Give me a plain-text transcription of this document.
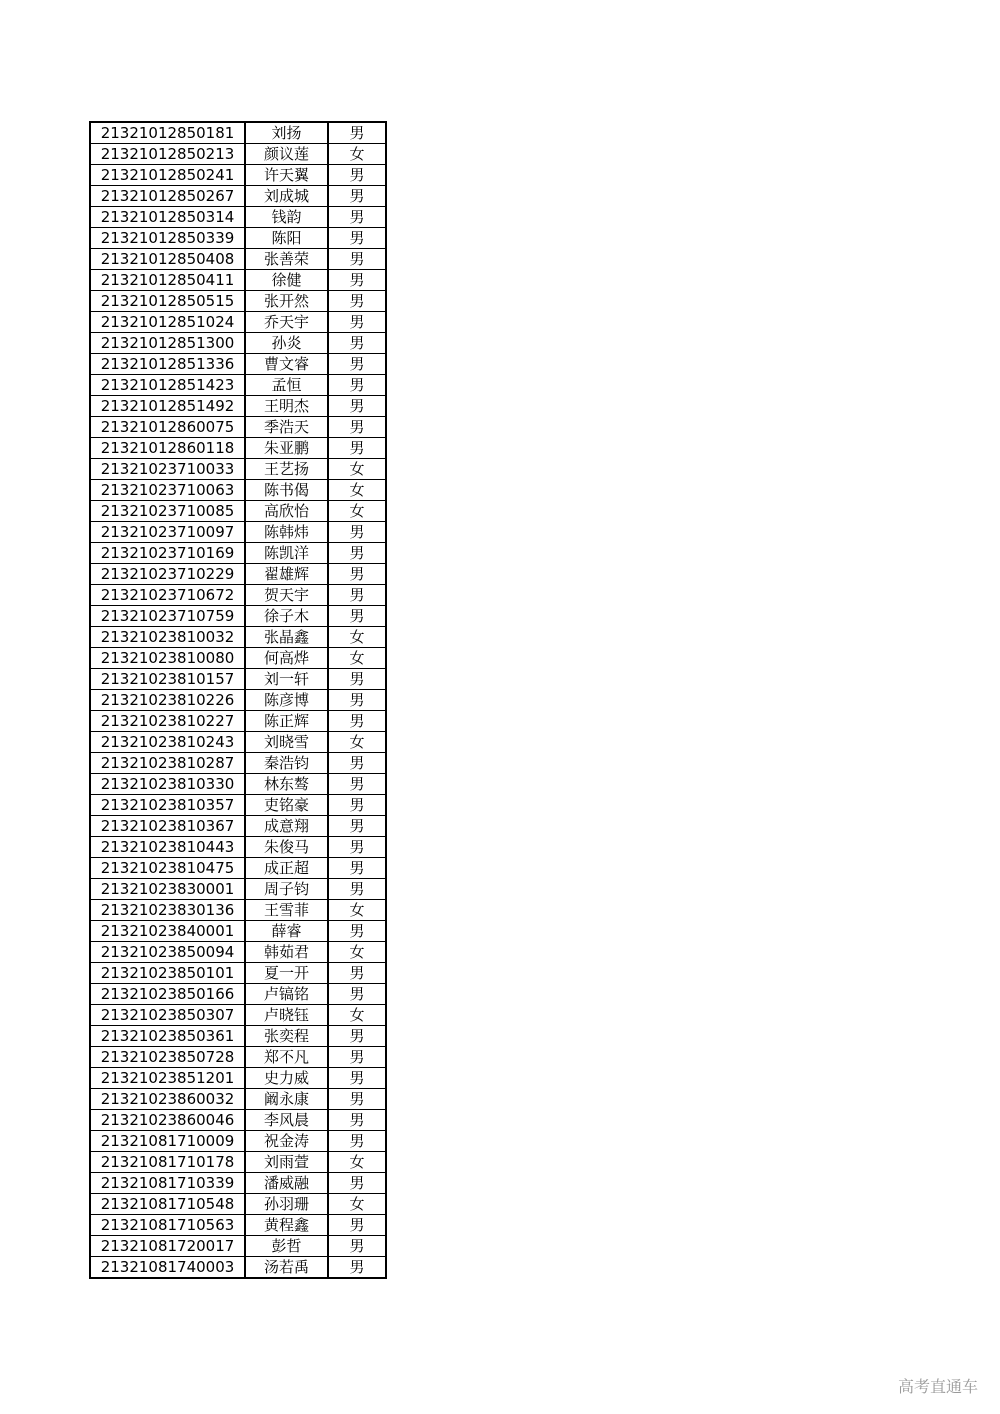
21321012850181	刘扬	男
21321012850213	颜议莲	女
21321012850241	许天翼	男
21321012850267	刘成城	男
21321012850314	钱韵	男
21321012850339	陈阳	男
21321012850408	张善荣	男
21321012850411	徐健	男
21321012850515	张开然	男
21321012851024	乔天宇	男
21321012851300	孙炎	男
21321012851336	曹文睿	男
21321012851423	孟恒	男
21321012851492	王明杰	男
21321012860075	季浩天	男
21321012860118	朱亚鹏	男
21321023710033	王艺扬	女
21321023710063	陈书偈	女
21321023710085	高欣怡	女
21321023710097	陈韩炜	男
21321023710169	陈凯洋	男
21321023710229	翟雄辉	男
21321023710672	贺天宇	男
21321023710759	徐子木	男
21321023810032	张晶鑫	女
21321023810080	何高烨	女
21321023810157	刘一轩	男
21321023810226	陈彦博	男
21321023810227	陈正辉	男
21321023810243	刘晓雪	女
21321023810287	秦浩钧	男
21321023810330	林东骜	男
21321023810357	吏铭豪	男
21321023810367	成意翔	男
21321023810443	朱俊马	男
21321023810475	成正超	男
21321023830001	周子钧	男
21321023830136	王雪菲	女
21321023840001	薛睿	男
21321023850094	韩茹君	女
21321023850101	夏一开	男
21321023850166	卢镐铭	男
21321023850307	卢晓钰	女
21321023850361	张奕程	男
21321023850728	郑不凡	男
21321023851201	史力威	男
21321023860032	阚永康	男
21321023860046	李风晨	男
21321081710009	祝金涛	男
21321081710178	刘雨萱	女
21321081710339	潘威融	男
21321081710548	孙羽珊	女
21321081710563	黄程鑫	男
21321081720017	彭哲	男
21321081740003	汤若禹	男
高考直通车
